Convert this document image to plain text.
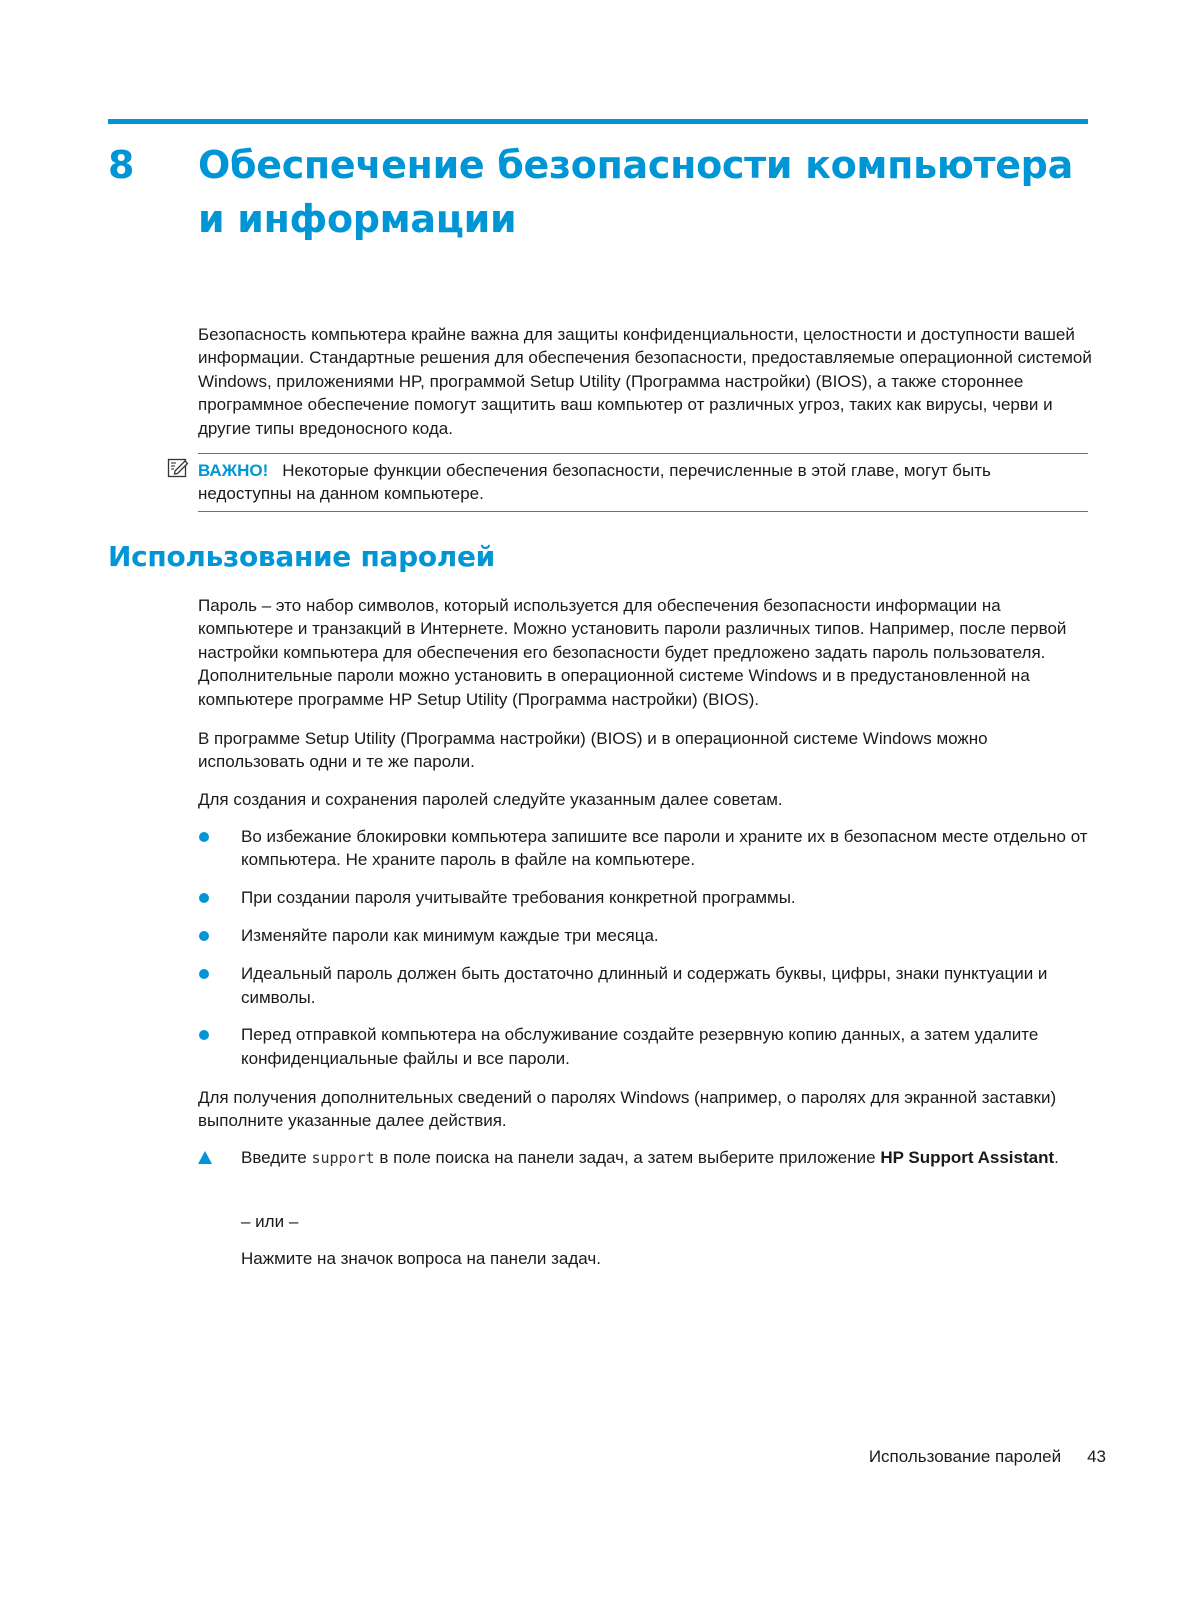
8 Обеспечение безопасности компьютера и информации
Безопасность компьютера крайне важна для защиты конфиденциальности, целостности и доступности вашей информации. Стандартные решения для обеспечения безопасности, предоставляемые операционной системой Windows, приложениями HP, программой Setup Utility (Программа настройки) (BIOS), а также стороннее программное обеспечение помогут защитить ваш компьютер от различных угроз, таких как вирусы, черви и другие типы вредоносного кода.
ВАЖНО! Некоторые функции обеспечения безопасности, перечисленные в этой главе, могут быть недоступны на данном компьютере.
Использование паролей
Пароль – это набор символов, который используется для обеспечения безопасности информации на компьютере и транзакций в Интернете. Можно установить пароли различных типов. Например, после первой настройки компьютера для обеспечения его безопасности будет предложено задать пароль пользователя. Дополнительные пароли можно установить в операционной системе Windows и в предустановленной на компьютере программе HP Setup Utility (Программа настройки) (BIOS).
В программе Setup Utility (Программа настройки) (BIOS) и в операционной системе Windows можно использовать одни и те же пароли.
Для создания и сохранения паролей следуйте указанным далее советам.
Во избежание блокировки компьютера запишите все пароли и храните их в безопасном месте отдельно от компьютера. Не храните пароль в файле на компьютере.
При создании пароля учитывайте требования конкретной программы.
Изменяйте пароли как минимум каждые три месяца.
Идеальный пароль должен быть достаточно длинный и содержать буквы, цифры, знаки пунктуации и символы.
Перед отправкой компьютера на обслуживание создайте резервную копию данных, а затем удалите конфиденциальные файлы и все пароли.
Для получения дополнительных сведений о паролях Windows (например, о паролях для экранной заставки) выполните указанные далее действия.
Введите support в поле поиска на панели задач, а затем выберите приложение HP Support Assistant.
– или –
Нажмите на значок вопроса на панели задач.
Использование паролей 43
